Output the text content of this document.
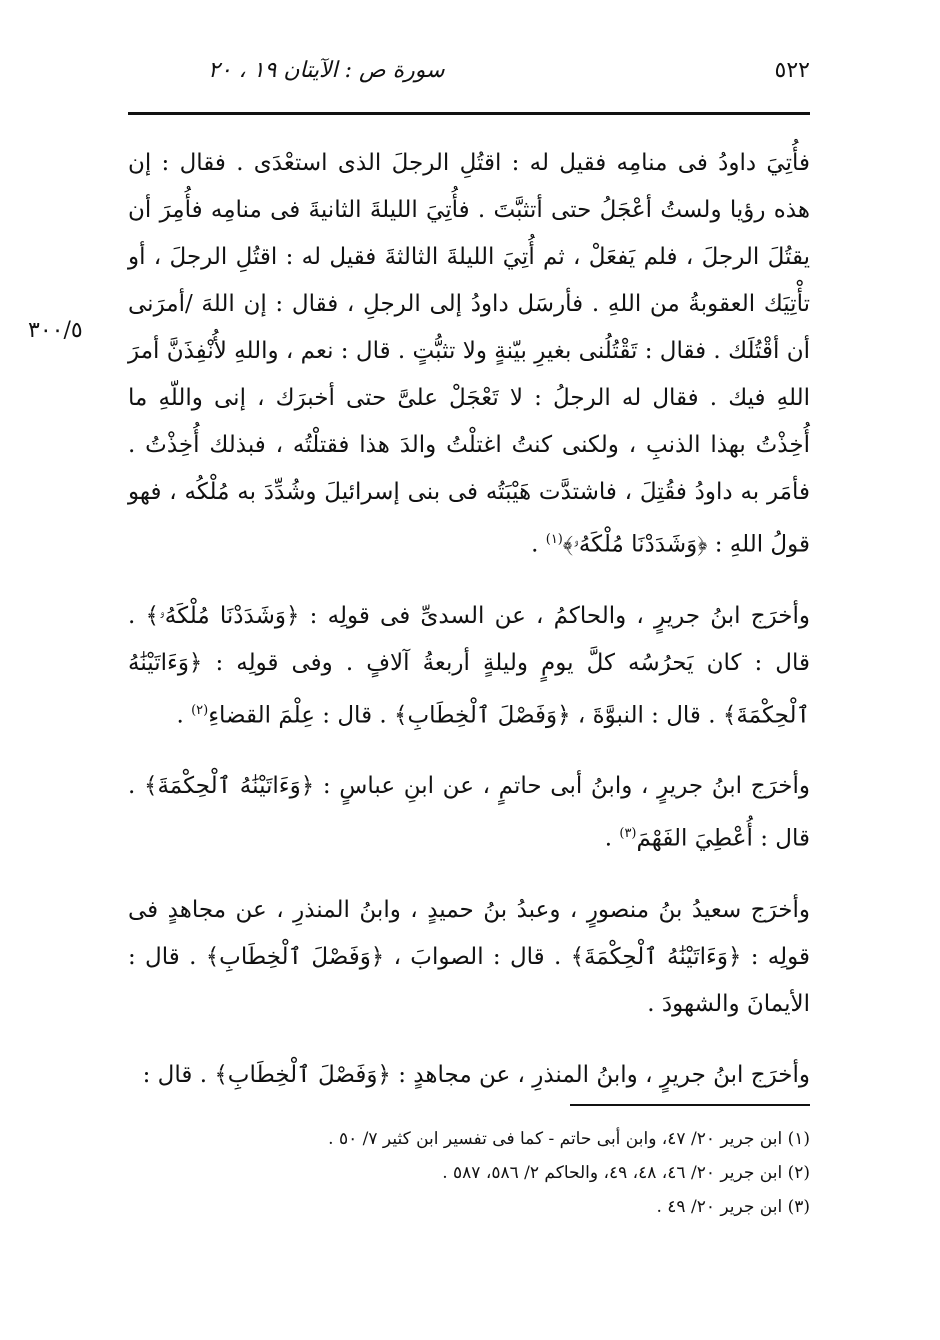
٥٢٢
سورة ص : الآيتان ١٩ ، ٢٠
٣٠٠/٥

فأُتِيَ داودُ فى منامِه فقيل له : اقتُلِ الرجلَ الذى استعْدَى . فقال : إن هذه رؤيا ولستُ أعْجَلُ حتى أتثبَّتَ . فأُتِيَ الليلةَ الثانيةَ فى منامِه فأُمِرَ أن يقتُلَ الرجلَ ، فلم يَفعَلْ ، ثم أُتِيَ الليلةَ الثالثةَ فقيل له : اقتُلِ الرجلَ ، أو تأْتِيَك العقوبةُ من اللهِ . فأرسَل داودُ إلى الرجلِ ، فقال : إن اللهَ /أمرَنى أن أقْتُلَك . فقال : تَقْتُلُنى بغيرِ بيّنةٍ ولا تثبُّتٍ . قال : نعم ، واللهِ لأُنْفِذَنَّ أمرَ اللهِ فيك . فقال له الرجلُ : لا تَعْجَلْ علىَّ حتى أخبرَك ، إنى واللّهِ ما أُخِذْتُ بهذا الذنبِ ، ولكنى كنتُ اغتلْتُ والدَ هذا فقتلْتُه ، فبذلك أُخِذْتُ . فأمَر به داودُ فقُتِلَ ، فاشتدَّت هَيْبَتُه فى بنى إسرائيلَ وشُدِّدَ به مُلْكُه ، فهو قولُ اللهِ : ﴿وَشَدَدْنَا مُلْكَهُۥ﴾$^{(١)}$ .

وأخرَج ابنُ جريرٍ ، والحاكمُ ، عن السدىِّ فى قولِه : ﴿وَشَدَدْنَا مُلْكَهُۥ﴾ . قال : كان يَحرُسُه كلَّ يومٍ وليلةٍ أربعةُ آلافٍ . وفى قولِه : ﴿وَءَاتَيْنَٰهُ ٱلْحِكْمَةَ﴾ . قال : النبوَّةَ ، ﴿وَفَصْلَ ٱلْخِطَابِ﴾ . قال : عِلْمَ القضاءِ$^{(٢)}$ .

وأخرَج ابنُ جريرٍ ، وابنُ أبى حاتمٍ ، عن ابنِ عباسٍ : ﴿وَءَاتَيْنَٰهُ ٱلْحِكْمَةَ﴾ . قال : أُعْطِيَ الفَهْمَ$^{(٣)}$ .

وأخرَج سعيدُ بنُ منصورٍ ، وعبدُ بنُ حميدٍ ، وابنُ المنذرِ ، عن مجاهدٍ فى قولِه : ﴿وَءَاتَيْنَٰهُ ٱلْحِكْمَةَ﴾ . قال : الصوابَ ، ﴿وَفَصْلَ ٱلْخِطَابِ﴾ . قال : الأيمانَ والشهودَ .

وأخرَج ابنُ جريرٍ ، وابنُ المنذرِ ، عن مجاهدٍ : ﴿وَفَصْلَ ٱلْخِطَابِ﴾ . قال :

(١) ابن جرير ٢٠/ ٤٧، وابن أبى حاتم - كما فى تفسير ابن كثير ٧/ ٥٠ .
(٢) ابن جرير ٢٠/ ٤٦، ٤٨، ٤٩، والحاكم ٢/ ٥٨٦، ٥٨٧ .
(٣) ابن جرير ٢٠/ ٤٩ .
